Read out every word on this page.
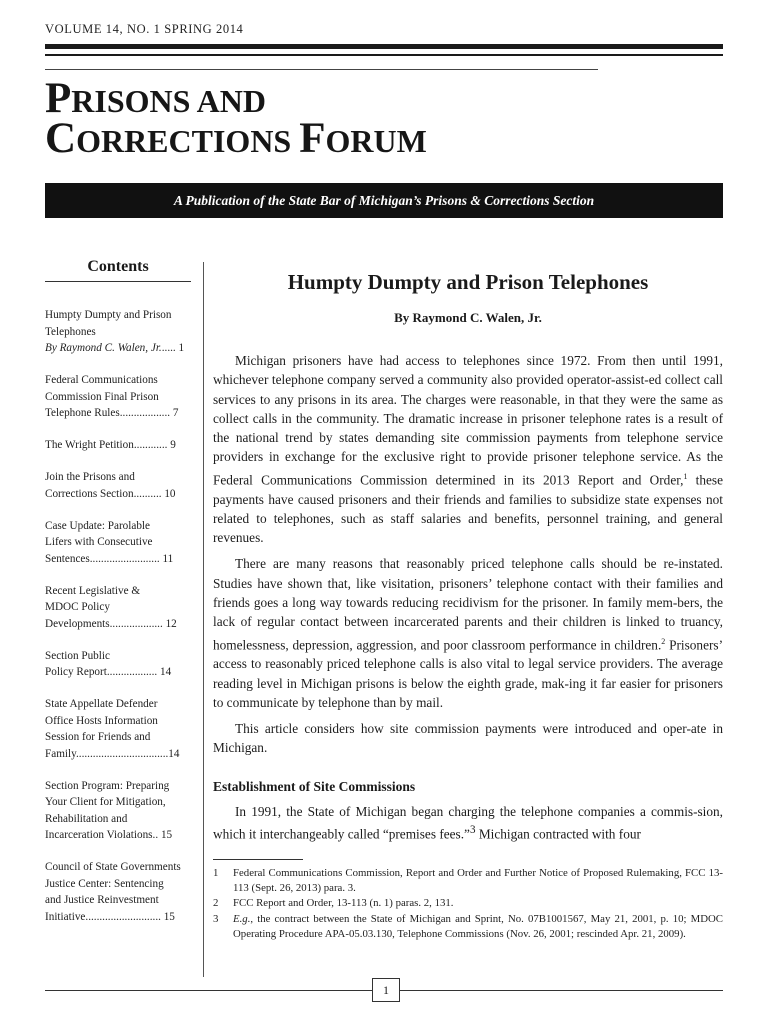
VOLUME 14, NO. 1 SPRING 2014
PRISONS AND
CORRECTIONS FORUM
A Publication of the State Bar of Michigan’s Prisons & Corrections Section
Contents
Humpty Dumpty and Prison
Telephones
By Raymond C. Walen, Jr...... 1
Federal Communications
Commission Final Prison
Telephone Rules.................. 7
The Wright Petition............ 9
Join the Prisons and
Corrections Section.......... 10
Case Update: Parolable
Lifers with Consecutive
Sentences......................... 11
Recent Legislative &
MDOC Policy
Developments................... 12
Section Public
Policy Report.................. 14
State Appellate Defender
Office Hosts Information
Session for Friends and
Family.................................14
Section Program: Preparing
Your Client for Mitigation,
Rehabilitation and
Incarceration Violations.. 15
Council of State Governments
Justice Center: Sentencing
and Justice Reinvestment
Initiative........................... 15
Humpty Dumpty and Prison Telephones
By Raymond C. Walen, Jr.

Michigan prisoners have had access to telephones since 1972. From then until 1991, whichever telephone company served a community also provided operator-assist-ed collect call services to any prisons in its area. The charges were reasonable, in that they were the same as collect calls in the community. The dramatic increase in prisoner telephone rates is a result of the national trend by states demanding site commission payments from telephone service providers in exchange for the exclusive right to provide prisoner telephone service. As the Federal Communications Commission determined in its 2013 Report and Order,$^1$ these payments have caused prisoners and their friends and families to subsidize state expenses not related to telephones, such as staff salaries and benefits, personnel training, and general revenues.

There are many reasons that reasonably priced telephone calls should be re-instated. Studies have shown that, like visitation, prisoners’ telephone contact with their families and friends goes a long way towards reducing recidivism for the prisoner. In family mem-bers, the lack of regular contact between incarcerated parents and their children is linked to truancy, homelessness, depression, aggression, and poor classroom performance in children.$^2$ Prisoners’ access to reasonably priced telephone calls is also vital to legal service providers. The average reading level in Michigan prisons is below the eighth grade, mak-ing it far easier for prisoners to communicate by telephone than by mail.

This article considers how site commission payments were introduced and oper-ate in Michigan.

Establishment of Site Commissions

In 1991, the State of Michigan began charging the telephone companies a commis-sion, which it interchangeably called “premises fees.”$^3$ Michigan contracted with four

1	Federal Communications Commission, Report and Order and Further Notice of Proposed Rulemaking, FCC 13-113 (Sept. 26, 2013) para. 3.
2	FCC Report and Order, 13-113 (n. 1) paras. 2, 131.
3	E.g., the contract between the State of Michigan and Sprint, No. 07B1001567, May 21, 2001, p. 10; MDOC Operating Procedure APA-05.03.130, Telephone Commissions (Nov. 26, 2001; rescinded Apr. 21, 2009).
1
